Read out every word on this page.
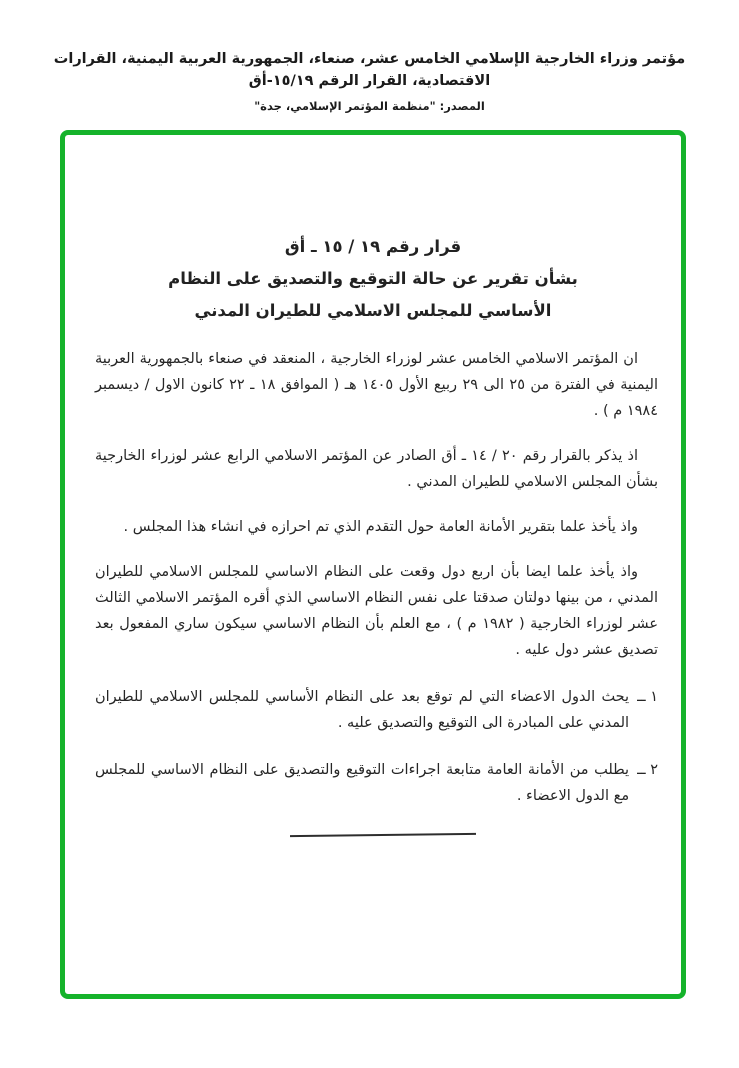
مؤتمر وزراء الخارجية الإسلامي الخامس عشر، صنعاء، الجمهورية العربية اليمنية، القرارات الاقتصادية، القرار الرقم ١٥/١٩-أق
المصدر: "منظمة المؤتمر الإسلامي، جدة"
قرار رقم ١٩ / ١٥ ـ أق
بشأن تقرير عن حالة التوقيع والتصديق على النظام
الأساسي للمجلس الاسلامي للطيران المدني

ان المؤتمر الاسلامي الخامس عشر لوزراء الخارجية ، المنعقد في صنعاء بالجمهورية العربية اليمنية في الفترة من ٢٥ الى ٢٩ ربيع الأول ١٤٠٥ هـ ( الموافق ١٨ ـ ٢٢ كانون الاول / ديسمبر ١٩٨٤ م ) .

اذ يذكر بالقرار رقم ٢٠ / ١٤ ـ أق الصادر عن المؤتمر الاسلامي الرابع عشر لوزراء الخارجية بشأن المجلس الاسلامي للطيران المدني .

واذ يأخذ علما بتقرير الأمانة العامة حول التقدم الذي تم احرازه في انشاء هذا المجلس .

واذ يأخذ علما ايضا بأن اربع دول وقعت على النظام الاساسي للمجلس الاسلامي للطيران المدني ، من بينها دولتان صدقتا على نفس النظام الاساسي الذي أقره المؤتمر الاسلامي الثالث عشر لوزراء الخارجية ( ١٩٨٢ م ) ، مع العلم بأن النظام الاساسي سيكون ساري المفعول بعد تصديق عشر دول عليه .

١ ــ
يحث الدول الاعضاء التي لم توقع بعد على النظام الأساسي للمجلس الاسلامي للطيران المدني على المبادرة الى التوقيع والتصديق عليه .
٢ ــ
يطلب من الأمانة العامة متابعة اجراءات التوقيع والتصديق على النظام الاساسي للمجلس مع الدول الاعضاء .
